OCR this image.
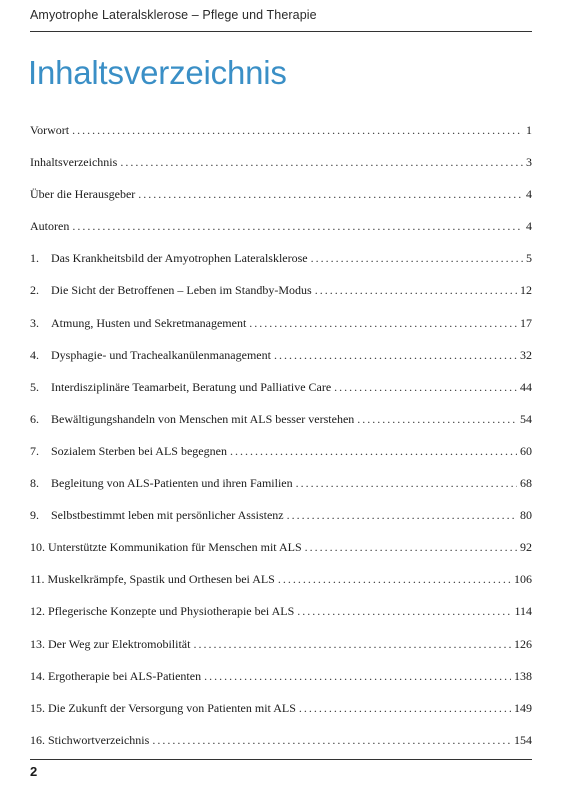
Amyotrophe Lateralsklerose – Pflege und Therapie
Inhaltsverzeichnis
Vorwort . . .	1
Inhaltsverzeichnis . . .	3
Über die Herausgeber . . .	4
Autoren . . .	4
1. Das Krankheitsbild der Amyotrophen Lateralsklerose . . .	5
2. Die Sicht der Betroffenen – Leben im Standby-Modus . . .	12
3. Atmung, Husten und Sekretmanagement . . .	17
4. Dysphagie- und Trachealkanülenmanagement . . .	32
5. Interdisziplinäre Teamarbeit, Beratung und Palliative Care . . .	44
6. Bewältigungshandeln von Menschen mit ALS besser verstehen . . .	54
7. Sozialem Sterben bei ALS begegnen . . .	60
8. Begleitung von ALS-Patienten und ihren Familien . . .	68
9. Selbstbestimmt leben mit persönlicher Assistenz . . .	80
10. Unterstützte Kommunikation für Menschen mit ALS . . .	92
11. Muskelkrämpfe, Spastik und Orthesen bei ALS . . .	106
12. Pflegerische Konzepte und Physiotherapie bei ALS . . .	114
13. Der Weg zur Elektromobilität . . .	126
14. Ergotherapie bei ALS-Patienten . . .	138
15. Die Zukunft der Versorgung von Patienten mit ALS . . .	149
16. Stichwortverzeichnis . . .	154
2
